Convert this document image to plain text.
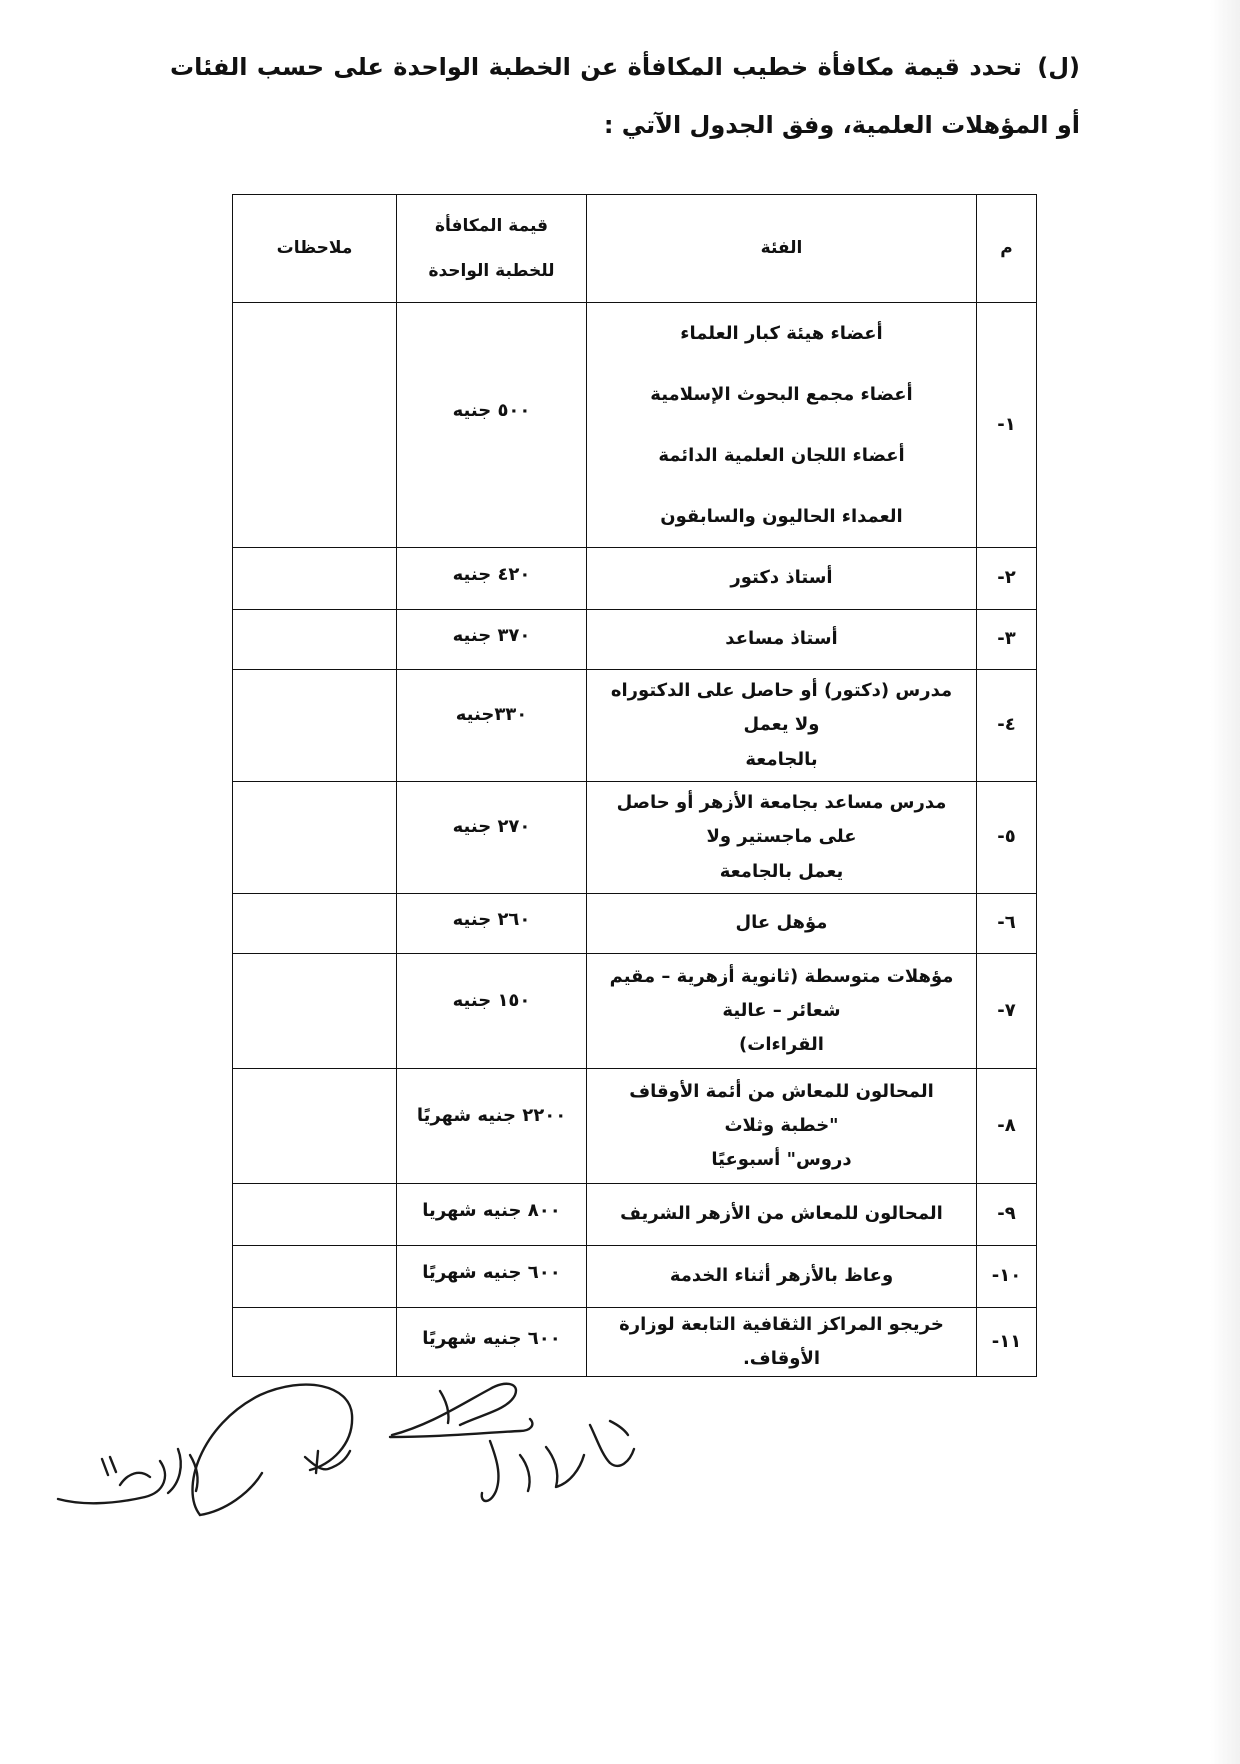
(ل) تحدد قيمة مكافأة خطيب المكافأة عن الخطبة الواحدة على حسب الفئات أو المؤهلات العلمية، وفق الجدول الآتي :

م	الفئة	قيمة المكافأة للخطبة الواحدة	ملاحظات
١-	أعضاء هيئة كبار العلماء
أعضاء مجمع البحوث الإسلامية
أعضاء اللجان العلمية الدائمة
العمداء الحاليون والسابقون	٥٠٠ جنيه	
٢-	أستاذ دكتور	٤٢٠ جنيه	
٣-	أستاذ مساعد	٣٧٠ جنيه	
٤-	مدرس (دكتور) أو حاصل على الدكتوراه ولا يعمل
بالجامعة	٣٣٠جنيه	
٥-	مدرس مساعد بجامعة الأزهر أو حاصل على ماجستير ولا
يعمل بالجامعة	٢٧٠ جنيه	
٦-	مؤهل عال	٢٦٠ جنيه	
٧-	مؤهلات متوسطة (ثانوية أزهرية – مقيم شعائر – عالية
القراءات)	١٥٠ جنيه	
٨-	المحالون للمعاش من أئمة الأوقاف "خطبة وثلاث
دروس" أسبوعيًا	٢٢٠٠ جنيه شهريًا	
٩-	المحالون للمعاش من الأزهر الشريف	٨٠٠ جنيه شهريا	
١٠-	وعاظ بالأزهر أثناء الخدمة	٦٠٠ جنيه شهريًا	
١١-	خريجو المراكز الثقافية التابعة لوزارة الأوقاف.	٦٠٠ جنيه شهريًا	
